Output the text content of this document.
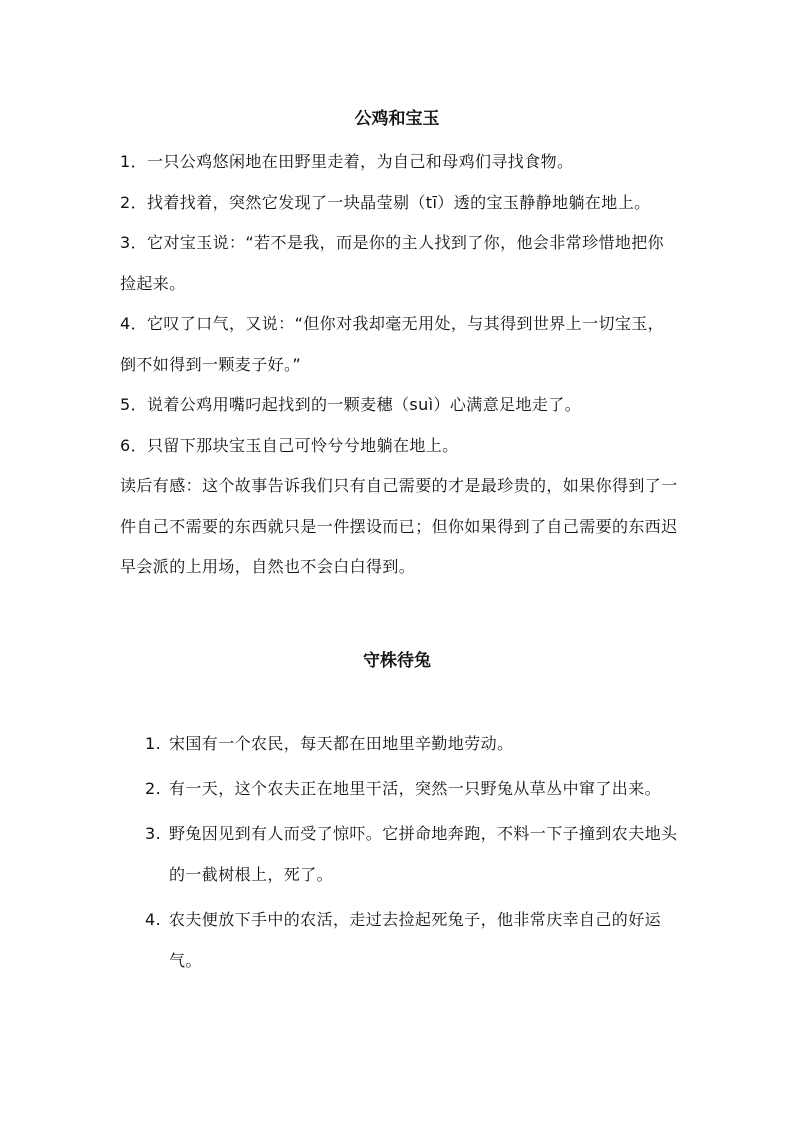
公鸡和宝玉

1．一只公鸡悠闲地在田野里走着，为自己和母鸡们寻找食物。

2．找着找着，突然它发现了一块晶莹剔（tī）透的宝玉静静地躺在地上。

3．它对宝玉说：“若不是我，而是你的主人找到了你，他会非常珍惜地把你捡起来。

4．它叹了口气，又说：“但你对我却毫无用处，与其得到世界上一切宝玉，倒不如得到一颗麦子好。”

5．说着公鸡用嘴叼起找到的一颗麦穗（suì）心满意足地走了。

6．只留下那块宝玉自己可怜兮兮地躺在地上。

读后有感：这个故事告诉我们只有自己需要的才是最珍贵的，如果你得到了一件自己不需要的东西就只是一件摆设而已；但你如果得到了自己需要的东西迟早会派的上用场，自然也不会白白得到。

守株待兔
1. 宋国有一个农民，每天都在田地里辛勤地劳动。
2. 有一天，这个农夫正在地里干活，突然一只野兔从草丛中窜了出来。
3. 野兔因见到有人而受了惊吓。它拼命地奔跑，不料一下子撞到农夫地头的一截树根上，死了。
4. 农夫便放下手中的农活，走过去捡起死兔子，他非常庆幸自己的好运气。
